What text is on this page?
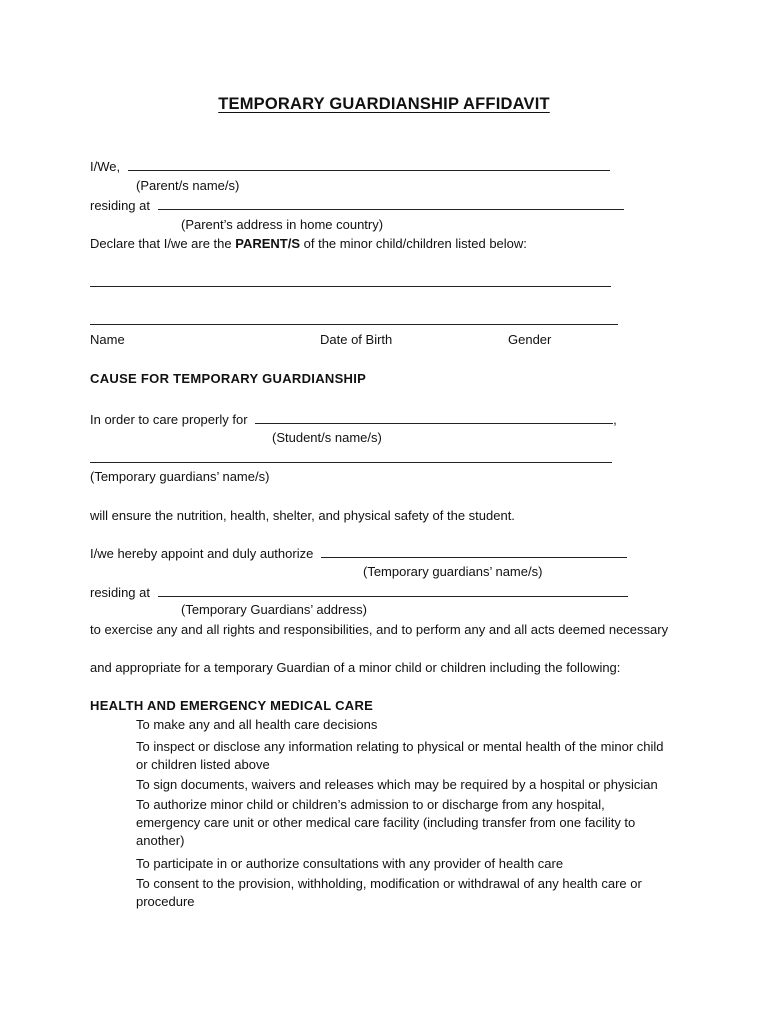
TEMPORARY GUARDIANSHIP AFFIDAVIT
I/We,
(Parent/s name/s)
residing at
(Parent’s address in home country)
Declare that I/we are the PARENT/S of the minor child/children listed below:
Name	Date of Birth	Gender
CAUSE FOR TEMPORARY GUARDIANSHIP
In order to care properly for	,
(Student/s name/s)
(Temporary guardians’ name/s)
will ensure the nutrition, health, shelter, and physical safety of the student.
I/we hereby appoint and duly authorize
(Temporary guardians’ name/s)
residing at
(Temporary Guardians’ address)
to exercise any and all rights and responsibilities, and to perform any and all acts deemed necessary
and appropriate for a temporary Guardian of a minor child or children including the following:
HEALTH AND EMERGENCY MEDICAL CARE
To make any and all health care decisions
To inspect or disclose any information relating to physical or mental health of the minor child or children listed above
To sign documents, waivers and releases which may be required by a hospital or physician
To authorize minor child or children’s admission to or discharge from any hospital, emergency care unit or other medical care facility (including transfer from one facility to another)
To participate in or authorize consultations with any provider of health care
To consent to the provision, withholding, modification or withdrawal of any health care or procedure
